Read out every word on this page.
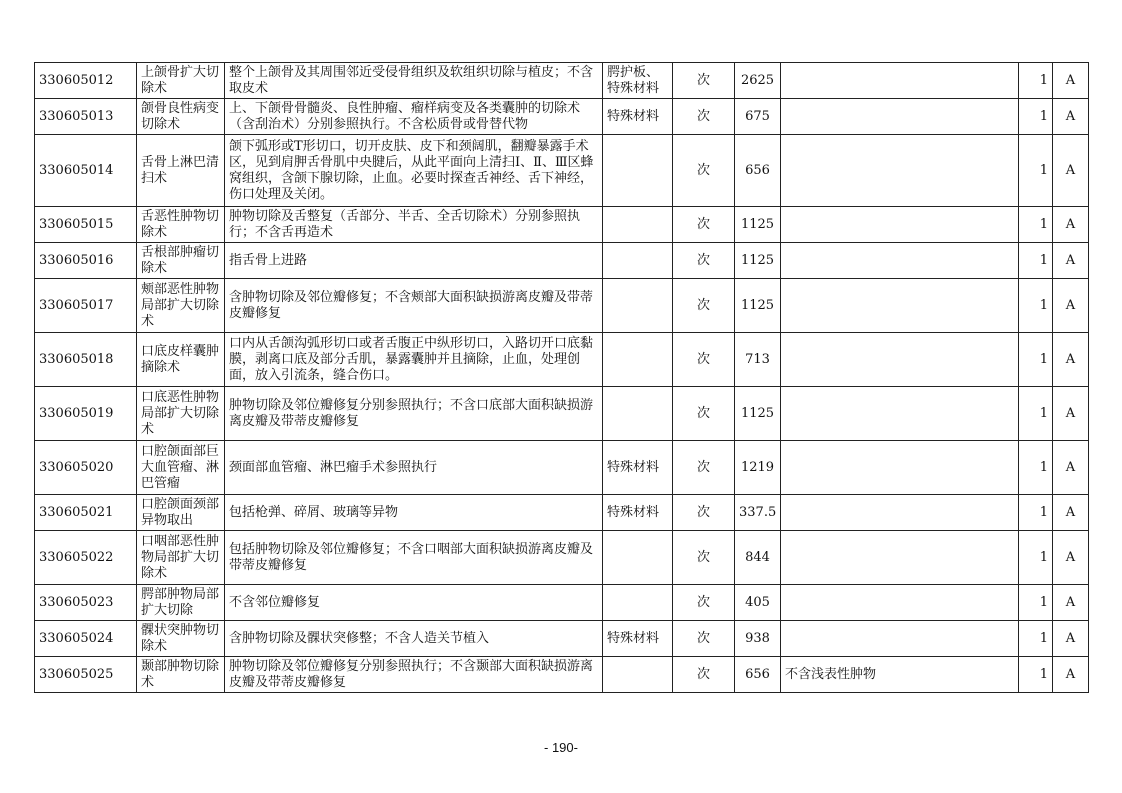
330605012	上颌骨扩大切除术	整个上颌骨及其周围邻近受侵骨组织及软组织切除与植皮；不含取皮术	腭护板、特殊材料	次	2625		1	A
330605013	颌骨良性病变切除术	上、下颌骨骨髓炎、良性肿瘤、瘤样病变及各类囊肿的切除术（含刮治术）分别参照执行。不含松质骨或骨替代物	特殊材料	次	675		1	A
330605014	舌骨上淋巴清扫术	颌下弧形或T形切口，切开皮肤、皮下和颈阔肌，翻瓣暴露手术区，见到肩胛舌骨肌中央腱后，从此平面向上清扫Ⅰ、Ⅱ、Ⅲ区蜂窝组织，含颌下腺切除，止血。必要时探查舌神经、舌下神经，伤口处理及关闭。		次	656		1	A
330605015	舌恶性肿物切除术	肿物切除及舌整复（舌部分、半舌、全舌切除术）分别参照执行；不含舌再造术		次	1125		1	A
330605016	舌根部肿瘤切除术	指舌骨上进路		次	1125		1	A
330605017	颊部恶性肿物局部扩大切除术	含肿物切除及邻位瓣修复；不含颊部大面积缺损游离皮瓣及带蒂皮瓣修复		次	1125		1	A
330605018	口底皮样囊肿摘除术	口内从舌颌沟弧形切口或者舌腹正中纵形切口，入路切开口底黏膜，剥离口底及部分舌肌，暴露囊肿并且摘除，止血，处理创面，放入引流条，缝合伤口。		次	713		1	A
330605019	口底恶性肿物局部扩大切除术	肿物切除及邻位瓣修复分别参照执行；不含口底部大面积缺损游离皮瓣及带蒂皮瓣修复		次	1125		1	A
330605020	口腔颌面部巨大血管瘤、淋巴管瘤	颈面部血管瘤、淋巴瘤手术参照执行	特殊材料	次	1219		1	A
330605021	口腔颌面颈部异物取出	包括枪弹、碎屑、玻璃等异物	特殊材料	次	337.5		1	A
330605022	口咽部恶性肿物局部扩大切除术	包括肿物切除及邻位瓣修复；不含口咽部大面积缺损游离皮瓣及带蒂皮瓣修复		次	844		1	A
330605023	腭部肿物局部扩大切除	不含邻位瓣修复		次	405		1	A
330605024	髁状突肿物切除术	含肿物切除及髁状突修整；不含人造关节植入	特殊材料	次	938		1	A
330605025	颞部肿物切除术	肿物切除及邻位瓣修复分别参照执行；不含颞部大面积缺损游离皮瓣及带蒂皮瓣修复		次	656	不含浅表性肿物	1	A
- 190-
